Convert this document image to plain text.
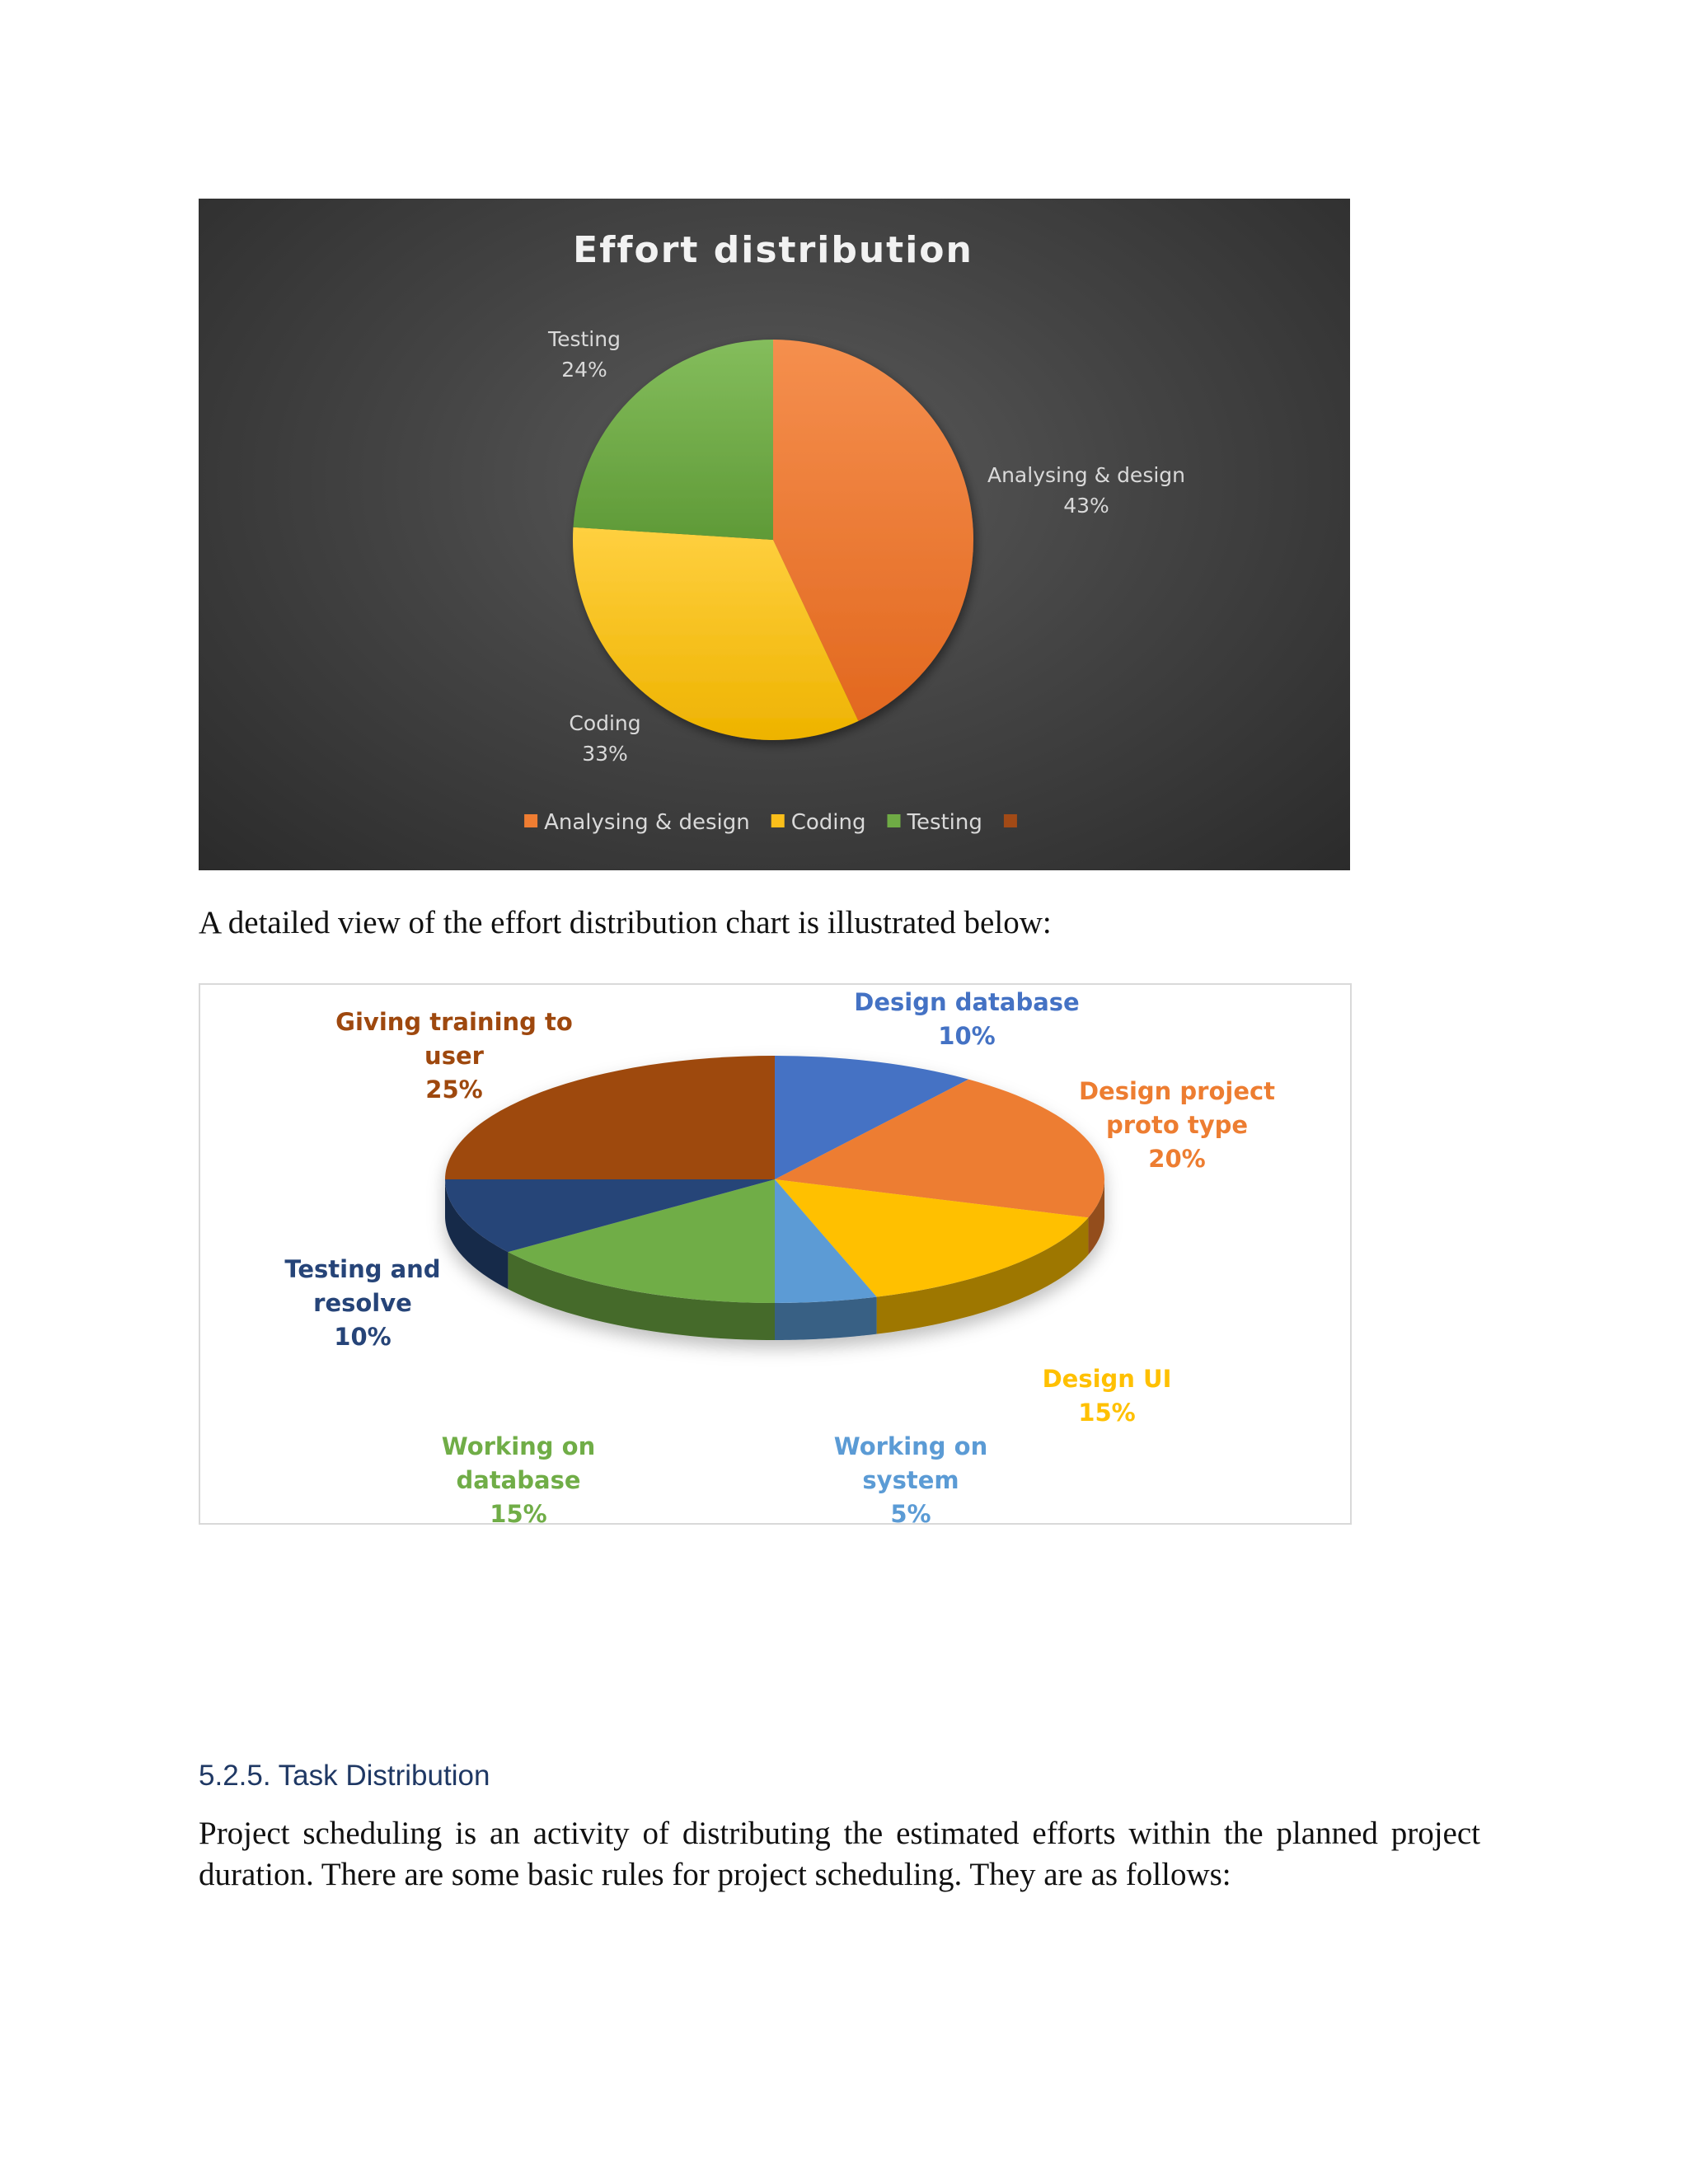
Effort distribution
Analysing & design
43%
Coding
33%
Testing
24%
Analysing & design Coding Testing
A detailed view of the effort distribution chart is illustrated below:
Design database
10%
Design project
proto type
20%
Design UI
15%
Working on
system
5%
Working on
database
15%
Testing and
resolve
10%
Giving training to
user
25%
5.2.5. Task Distribution
Project scheduling is an activity of distributing the estimated efforts within the planned project duration. There are some basic rules for project scheduling. They are as follows:
